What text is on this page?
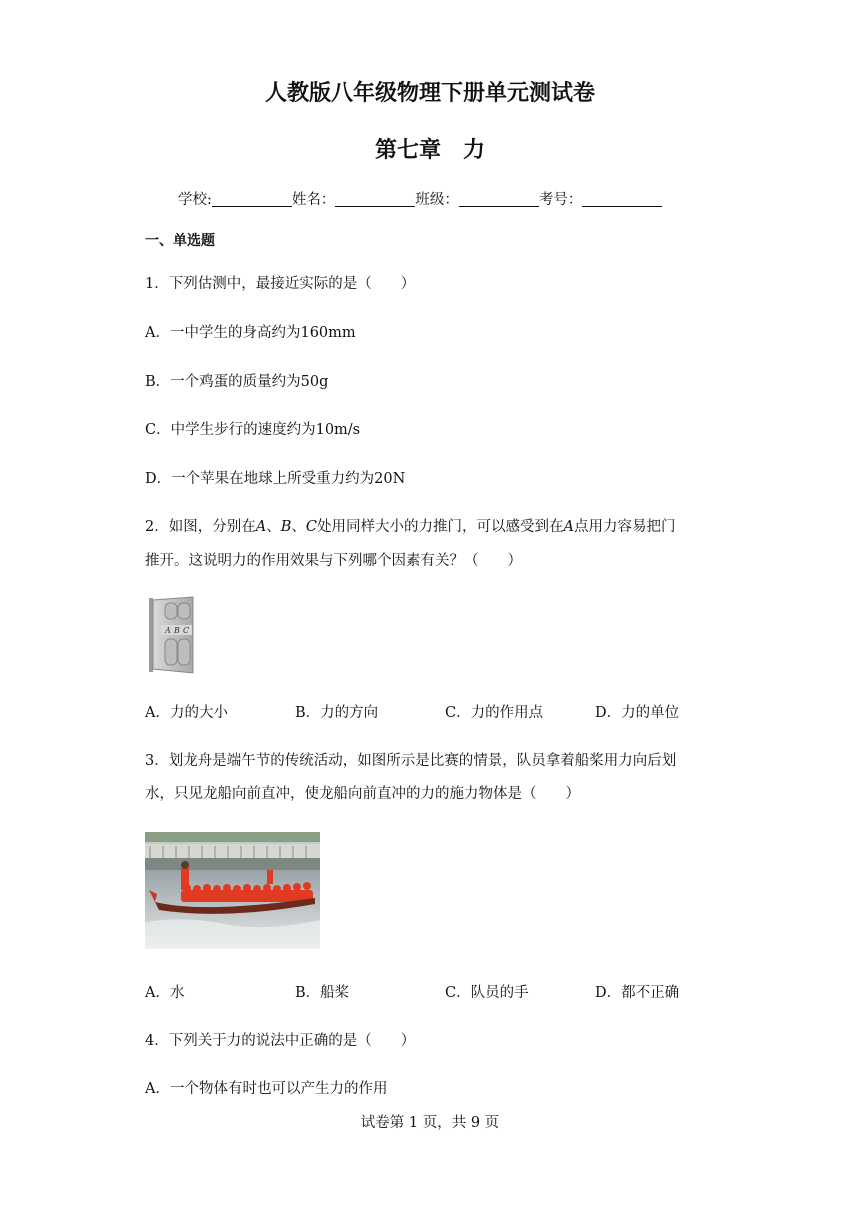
人教版八年级物理下册单元测试卷
第七章　力
学校:	姓名：	班级：	考号：
一、单选题
1．下列估测中，最接近实际的是（　　）
A．一中学生的身高约为160mm
B．一个鸡蛋的质量约为50g
C．中学生步行的速度约为10m/s
D．一个苹果在地球上所受重力约为20N
2．如图，分别在A、B、C处用同样大小的力推门，可以感受到在A点用力容易把门
推开。这说明力的作用效果与下列哪个因素有关？（　　）
A B C
A．力的大小	B．力的方向	C．力的作用点	D．力的单位
3．划龙舟是端午节的传统活动，如图所示是比赛的情景，队员拿着船桨用力向后划
水，只见龙船向前直冲，使龙船向前直冲的力的施力物体是（　　）
A．水	B．船桨	C．队员的手	D．都不正确
4．下列关于力的说法中正确的是（　　）
A．一个物体有时也可以产生力的作用
试卷第 1 页，共 9 页
